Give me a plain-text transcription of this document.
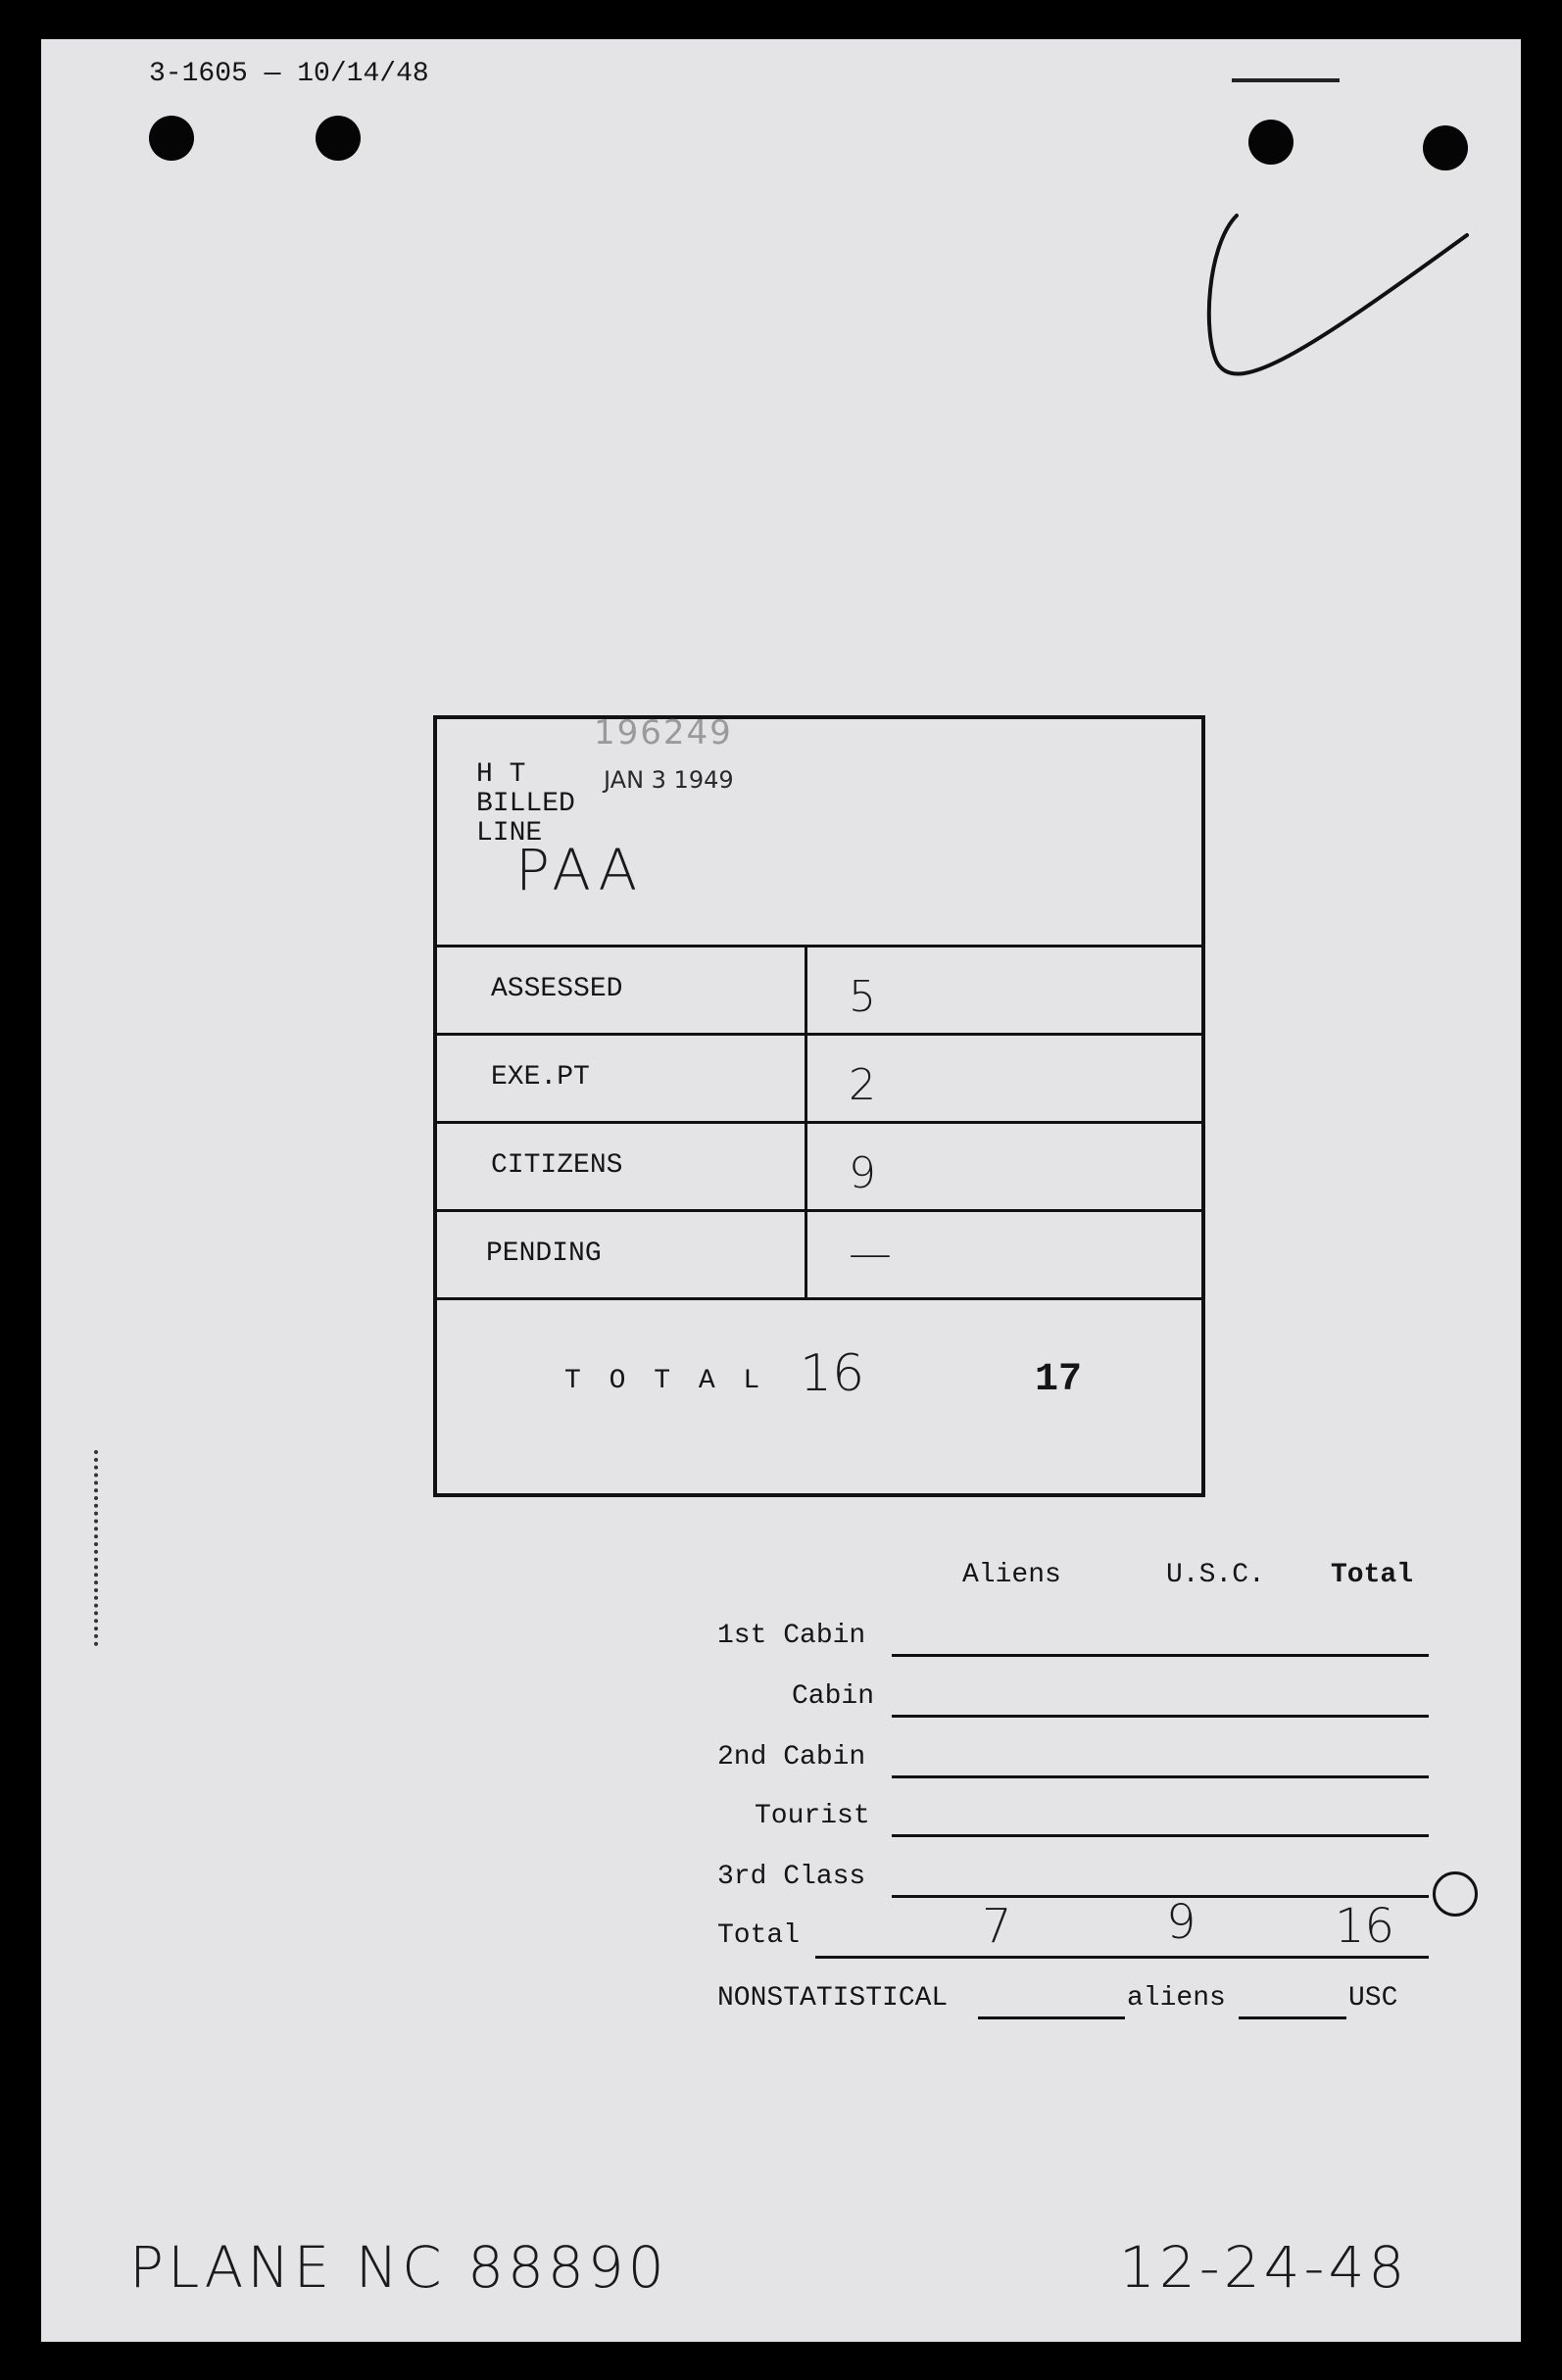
3-1605 — 10/14/48
196249
H T
BILLED
LINE
JAN 3 1949
PAA
ASSESSED	5
EXE.PT	2
CITIZENS	9
PENDING	—
T O T A L 16	17
Aliens	U.S.C. Total
1st Cabin
Cabin
2nd Cabin
Tourist
3rd Class
Total	7	9	16
NONSTATISTICAL	aliens	USC
PLANE NC 88890	12-24-48
